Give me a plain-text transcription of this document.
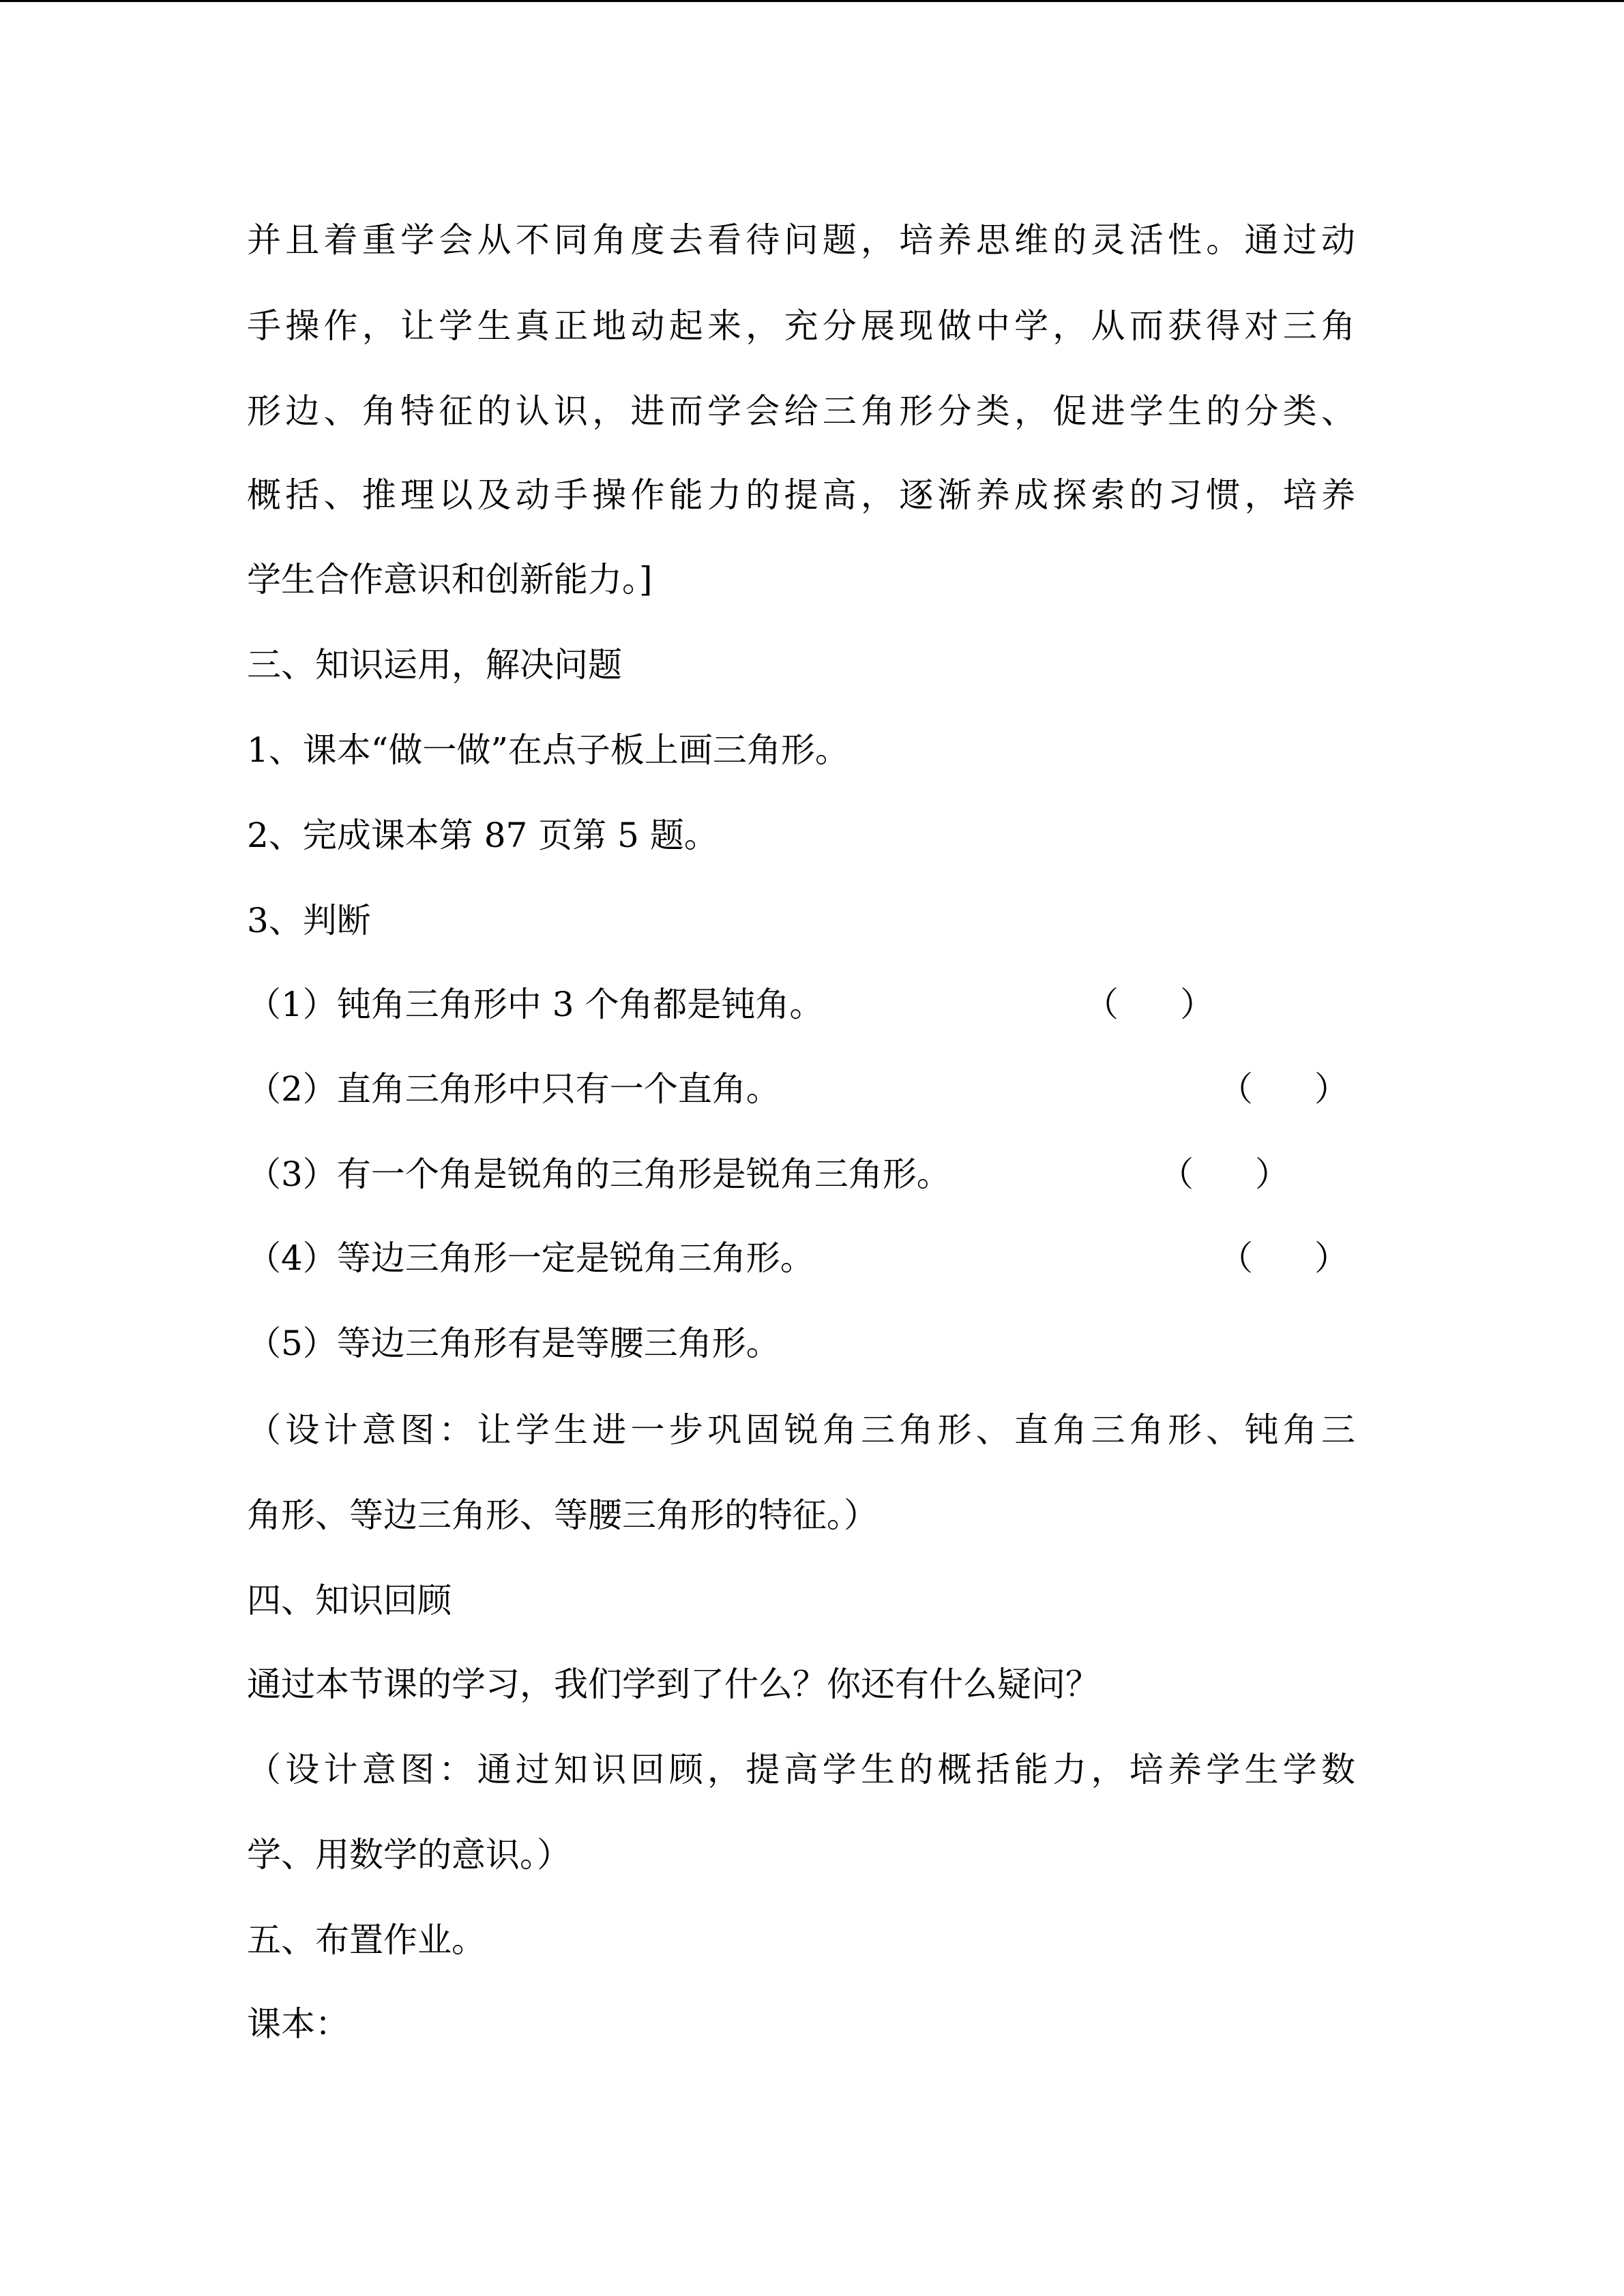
并且着重学会从不同角度去看待问题，培养思维的灵活性。通过动
手操作，让学生真正地动起来，充分展现做中学，从而获得对三角
形边、角特征的认识，进而学会给三角形分类，促进学生的分类、
概括、推理以及动手操作能力的提高，逐渐养成探索的习惯，培养
学生合作意识和创新能力。]
三、知识运用，解决问题
1、课本“做一做”在点子板上画三角形。
2、完成课本第 87 页第 5 题。
3、判断
（1）钝角三角形中 3 个角都是钝角。	（ ）
（2）直角三角形中只有一个直角。	（ ）
（3）有一个角是锐角的三角形是锐角三角形。	（ ）
（4）等边三角形一定是锐角三角形。	（ ）
（5）等边三角形有是等腰三角形。
（设计意图：让学生进一步巩固锐角三角形、直角三角形、钝角三
角形、等边三角形、等腰三角形的特征。）
四、知识回顾
通过本节课的学习，我们学到了什么？你还有什么疑问？
（设计意图：通过知识回顾，提高学生的概括能力，培养学生学数
学、用数学的意识。）
五、布置作业。
课本：
